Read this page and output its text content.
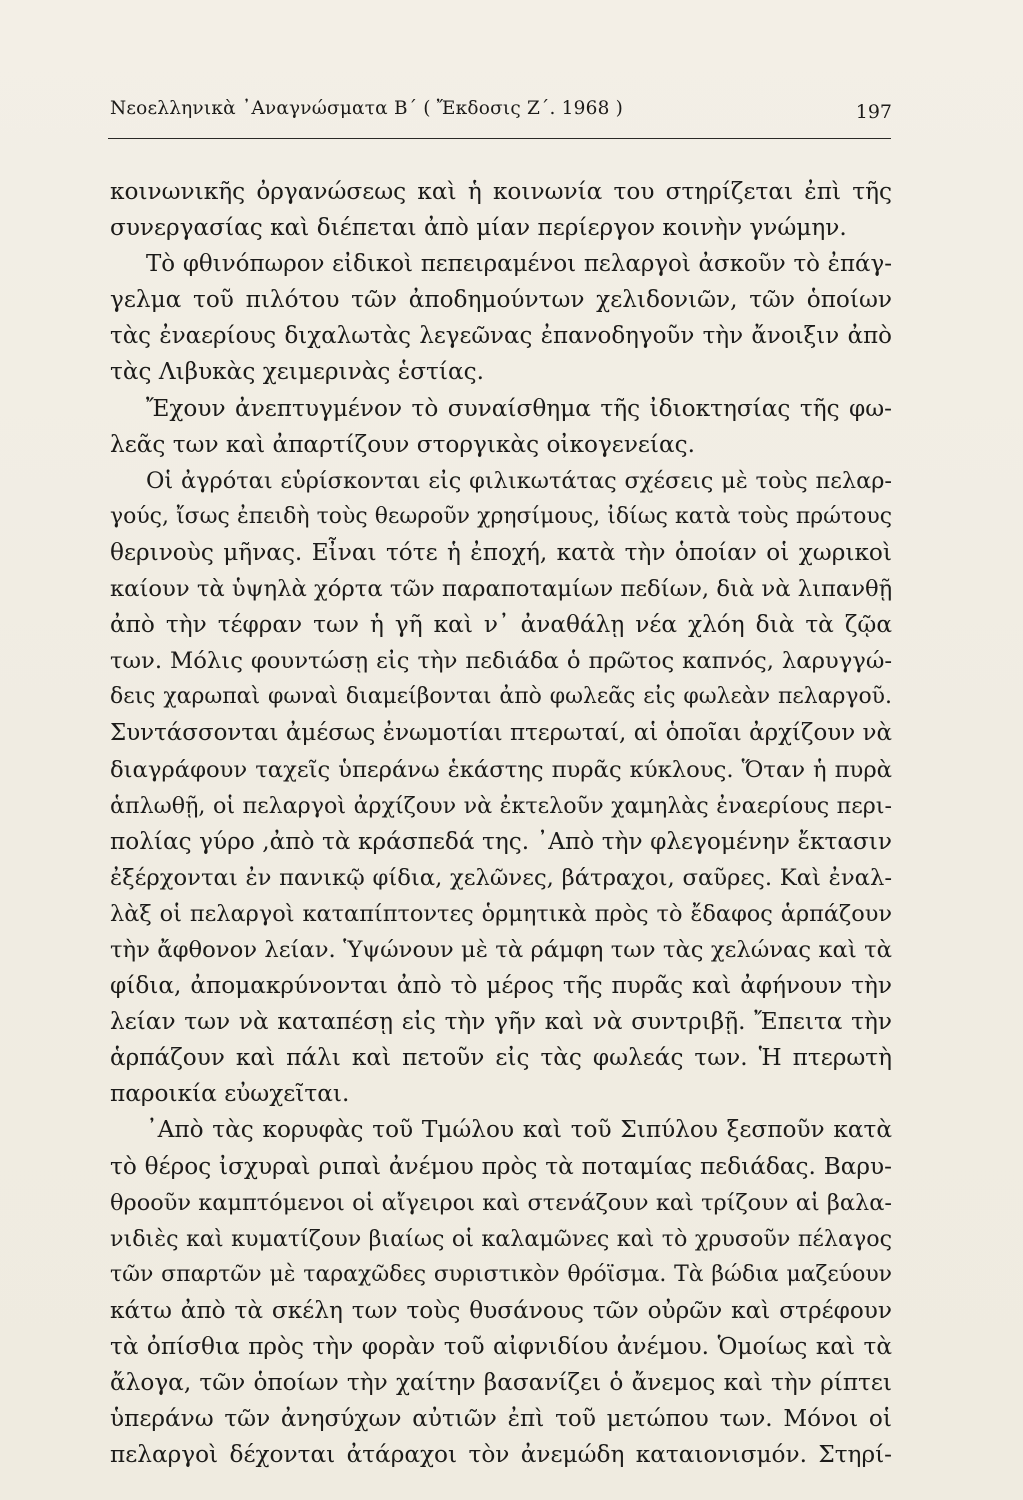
Νεοελληνικὰ ᾿Αναγνώσματα Β΄ ( Ἔκδοσις Ζ΄. 1968 )	197
κοινωνικῆς ὀργανώσεως καὶ ἡ κοινωνία του στηρίζεται ἐπὶ τῆς
συνεργασίας καὶ διέπεται ἀπὸ μίαν περίεργον κοινὴν γνώμην.
Τὸ φθινόπωρον εἰδικοὶ πεπειραμένοι πελαργοὶ ἀσκοῦν τὸ ἐπάγ-
γελμα τοῦ πιλότου τῶν ἀποδημούντων χελιδονιῶν, τῶν ὁποίων
τὰς ἐναερίους διχαλωτὰς λεγεῶνας ἐπανοδηγοῦν τὴν ἄνοιξιν ἀπὸ
τὰς Λιβυκὰς χειμερινὰς ἑστίας.
Ἔχουν ἀνεπτυγμένον τὸ συναίσθημα τῆς ἰδιοκτησίας τῆς φω-
λεᾶς των καὶ ἀπαρτίζουν στοργικὰς οἰκογενείας.
Οἱ ἀγρόται εὑρίσκονται εἰς φιλικωτάτας σχέσεις μὲ τοὺς πελαρ-
γούς, ἴσως ἐπειδὴ τοὺς θεωροῦν χρησίμους, ἰδίως κατὰ τοὺς πρώτους
θερινοὺς μῆνας. Εἶναι τότε ἡ ἐποχή, κατὰ τὴν ὁποίαν οἱ χωρικοὶ
καίουν τὰ ὑψηλὰ χόρτα τῶν παραποταμίων πεδίων, διὰ νὰ λιπανθῇ
ἀπὸ τὴν τέφραν των ἡ γῆ καὶ ν᾿ ἀναθάλῃ νέα χλόη διὰ τὰ ζῷα
των. Μόλις φουντώσῃ εἰς τὴν πεδιάδα ὁ πρῶτος καπνός, λαρυγγώ-
δεις χαρωπαὶ φωναὶ διαμείβονται ἀπὸ φωλεᾶς εἰς φωλεὰν πελαργοῦ.
Συντάσσονται ἀμέσως ἐνωμοτίαι πτερωταί, αἱ ὁποῖαι ἀρχίζουν νὰ
διαγράφουν ταχεῖς ὑπεράνω ἑκάστης πυρᾶς κύκλους. Ὅταν ἡ πυρὰ
ἁπλωθῇ, οἱ πελαργοὶ ἀρχίζουν νὰ ἐκτελοῦν χαμηλὰς ἐναερίους περι-
πολίας γύρο ,ἀπὸ τὰ κράσπεδά της. ᾿Απὸ τὴν φλεγομένην ἔκτασιν
ἐξέρχονται ἐν πανικῷ φίδια, χελῶνες, βάτραχοι, σαῦρες. Καὶ ἐναλ-
λὰξ οἱ πελαργοὶ καταπίπτοντες ὁρμητικὰ πρὸς τὸ ἔδαφος ἁρπάζουν
τὴν ἄφθονον λείαν. Ὑψώνουν μὲ τὰ ράμφη των τὰς χελώνας καὶ τὰ
φίδια, ἀπομακρύνονται ἀπὸ τὸ μέρος τῆς πυρᾶς καὶ ἀφήνουν τὴν
λείαν των νὰ καταπέσῃ εἰς τὴν γῆν καὶ νὰ συντριβῇ. Ἔπειτα τὴν
ἁρπάζουν καὶ πάλι καὶ πετοῦν εἰς τὰς φωλεάς των. Ἡ πτερωτὴ
παροικία εὐωχεῖται.
᾿Απὸ τὰς κορυφὰς τοῦ Τμώλου καὶ τοῦ Σιπύλου ξεσποῦν κατὰ
τὸ θέρος ἰσχυραὶ ριπαὶ ἀνέμου πρὸς τὰ ποταμίας πεδιάδας. Βαρυ-
θροοῦν καμπτόμενοι οἱ αἴγειροι καὶ στενάζουν καὶ τρίζουν αἱ βαλα-
νιδιὲς καὶ κυματίζουν βιαίως οἱ καλαμῶνες καὶ τὸ χρυσοῦν πέλαγος
τῶν σπαρτῶν μὲ ταραχῶδες συριστικὸν θρόϊσμα. Τὰ βώδια μαζεύουν
κάτω ἀπὸ τὰ σκέλη των τοὺς θυσάνους τῶν οὐρῶν καὶ στρέφουν
τὰ ὀπίσθια πρὸς τὴν φορὰν τοῦ αἰφνιδίου ἀνέμου. Ὁμοίως καὶ τὰ
ἄλογα, τῶν ὁποίων τὴν χαίτην βασανίζει ὁ ἄνεμος καὶ τὴν ρίπτει
ὑπεράνω τῶν ἀνησύχων αὐτιῶν ἐπὶ τοῦ μετώπου των. Μόνοι οἱ
πελαργοὶ δέχονται ἀτάραχοι τὸν ἀνεμώδη καταιονισμόν. Στηρί-
